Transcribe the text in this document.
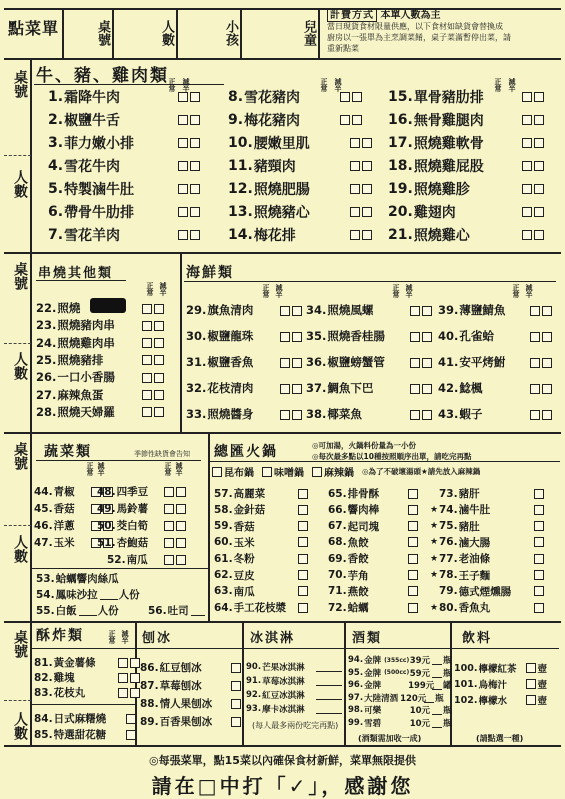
點菜單	桌號	人數	小孩	兒童
計費方式 本單人數為主
當日現貨食材限量供應，以下食材如缺貨會替換成
廚房以一張單為主烹調菜餚，桌子菜滿暫停出菜，請
重新點菜
桌號
人數
桌號
人數
桌號
人數
桌號
人數
牛、豬、雞肉類
串燒其他類	海鮮類
蔬菜類	季節性缺貨會告知 總匯火鍋	◎可加湯，火鍋料份量為一小份
◎每次最多點以10種按照順序出單，請吃完再點
酥炸類	刨冰	冰淇淋	酒類	飲料
正常 減半
1. 霜降牛肉
2. 椒鹽牛舌
3. 菲力嫩小排
4. 雪花牛肉
5. 特製滷牛肚
6. 帶骨牛肋排
7. 雪花羊肉
正常 減半
8. 雪花豬肉
9. 梅花豬肉
10. 腰嫩里肌
11. 豬頸肉
12. 照燒肥腸
13. 照燒豬心
14. 梅花排
正常 減半
15. 單骨豬肋排
16. 無骨雞腿肉
17. 照燒雞軟骨
18. 照燒雞屁股
19. 照燒雞胗
20. 雞翅肉
21. 照燒雞心
正常 減半
22. 照燒
23. 照燒豬肉串
24. 照燒雞肉串
25. 照燒豬排
26. 一口小香腸
27. 麻辣魚蛋
28. 照燒天婦羅
正常 減半
29. 旗魚清肉
30. 椒鹽龍珠
31. 椒鹽香魚
32. 花枝清肉
33. 照燒醬身
正常 減半
34. 照燒風螺
35. 照燒香桂腸
36. 椒鹽螃蟹管
37. 鯛魚下巴
38. 椰菜魚
正常 減半
39. 薄鹽鯖魚
40. 孔雀蛤
41. 安平烤鮒
42. 鯰楓
43. 蝦子
正常 減半	正常 減半
44. 青椒
45. 香菇
46. 洋蔥
47. 玉米
48. 四季豆
49. 馬鈴薯
50. 茭白筍
51. 杏鮑菇
52. 南瓜
53. 蛤蠣響肉絲瓜
54. 鳳味沙拉 人份
55. 白飯 人份	56. 吐司
昆布鍋 味噌鍋 麻辣鍋 ◎為了不破壞湯頭★請先放入麻辣鍋
57. 高麗菜	65. 排骨酥	73. 豬肝
58. 金針菇	66. 響肉棒	★ 74. 滷牛肚
59. 香菇	67. 起司塊	★ 75. 豬肚
60. 玉米	68. 魚餃	★ 76. 滷大腸
61. 冬粉	69. 香餃	★ 77. 老油條
62. 豆皮	70. 芋角	★ 78. 王子麵
63. 南瓜	71. 燕餃	79. 德式煙燻腸
64. 手工花枝漿	72. 蛤蠣	★ 80. 香魚丸
正常 減半
81. 黃金薯條
82. 雞塊
83. 花枝丸
84. 日式麻糬燒
85. 特選甜花糖
86. 紅豆刨冰
87. 草莓刨冰
88. 情人果刨冰
89. 百香果刨冰
90. 芒果冰淇淋
91. 草莓冰淇淋
92. 紅豆冰淇淋
93. 摩卡冰淇淋
(每人最多兩份吃完再點)
94. 金牌 (355cc) 39元 瓶
95. 金牌 (500cc) 59元 瓶
96. 金牌	199元 罐
97. 大陸清酒 120元 瓶
98. 可樂	10元 瓶
99. 雪碧	10元 瓶
(酒類需加收一成)
100. 檸檬紅茶	壺
101. 烏梅汁	壺
102. 檸檬水	壺
(請點選一種)
◎每張菜單，點15菜以內確保食材新鮮，菜單無限提供
請在□中打「✓」，感謝您
